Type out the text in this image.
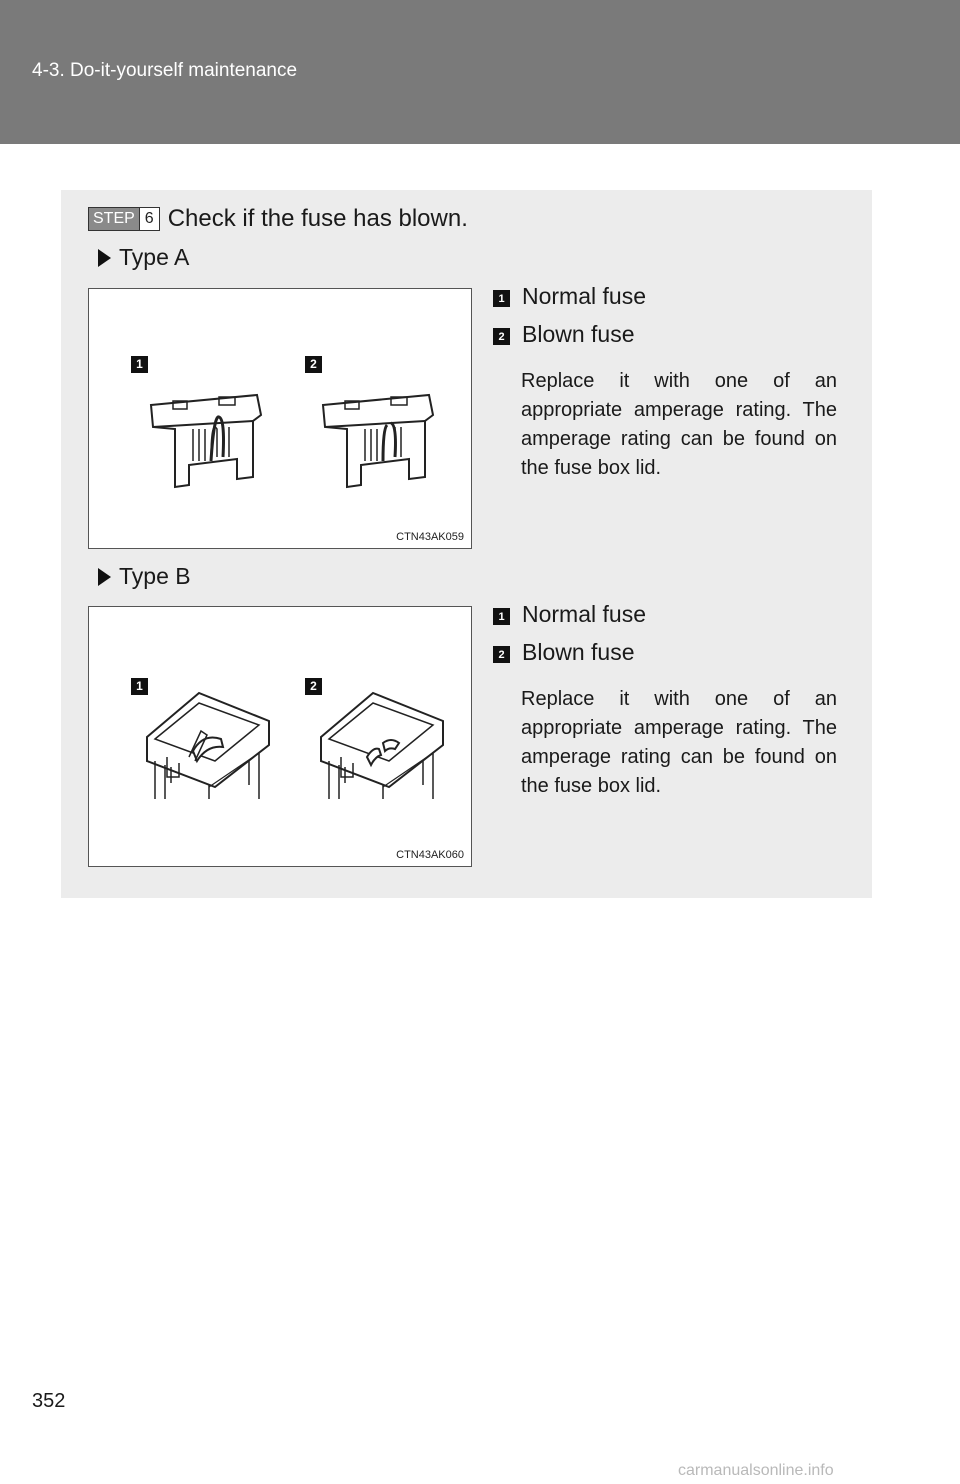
4-3. Do-it-yourself maintenance
STEP 6 Check if the fuse has blown.
Type A
1	2
CTN43AK059
1 Normal fuse
2 Blown fuse
Replace it with one of an appropriate amperage rating. The amperage rating can be found on the fuse box lid.
Type B
1	2
CTN43AK060
1 Normal fuse
2 Blown fuse
Replace it with one of an appropriate amperage rating. The amperage rating can be found on the fuse box lid.
352
carmanualsonline.info
